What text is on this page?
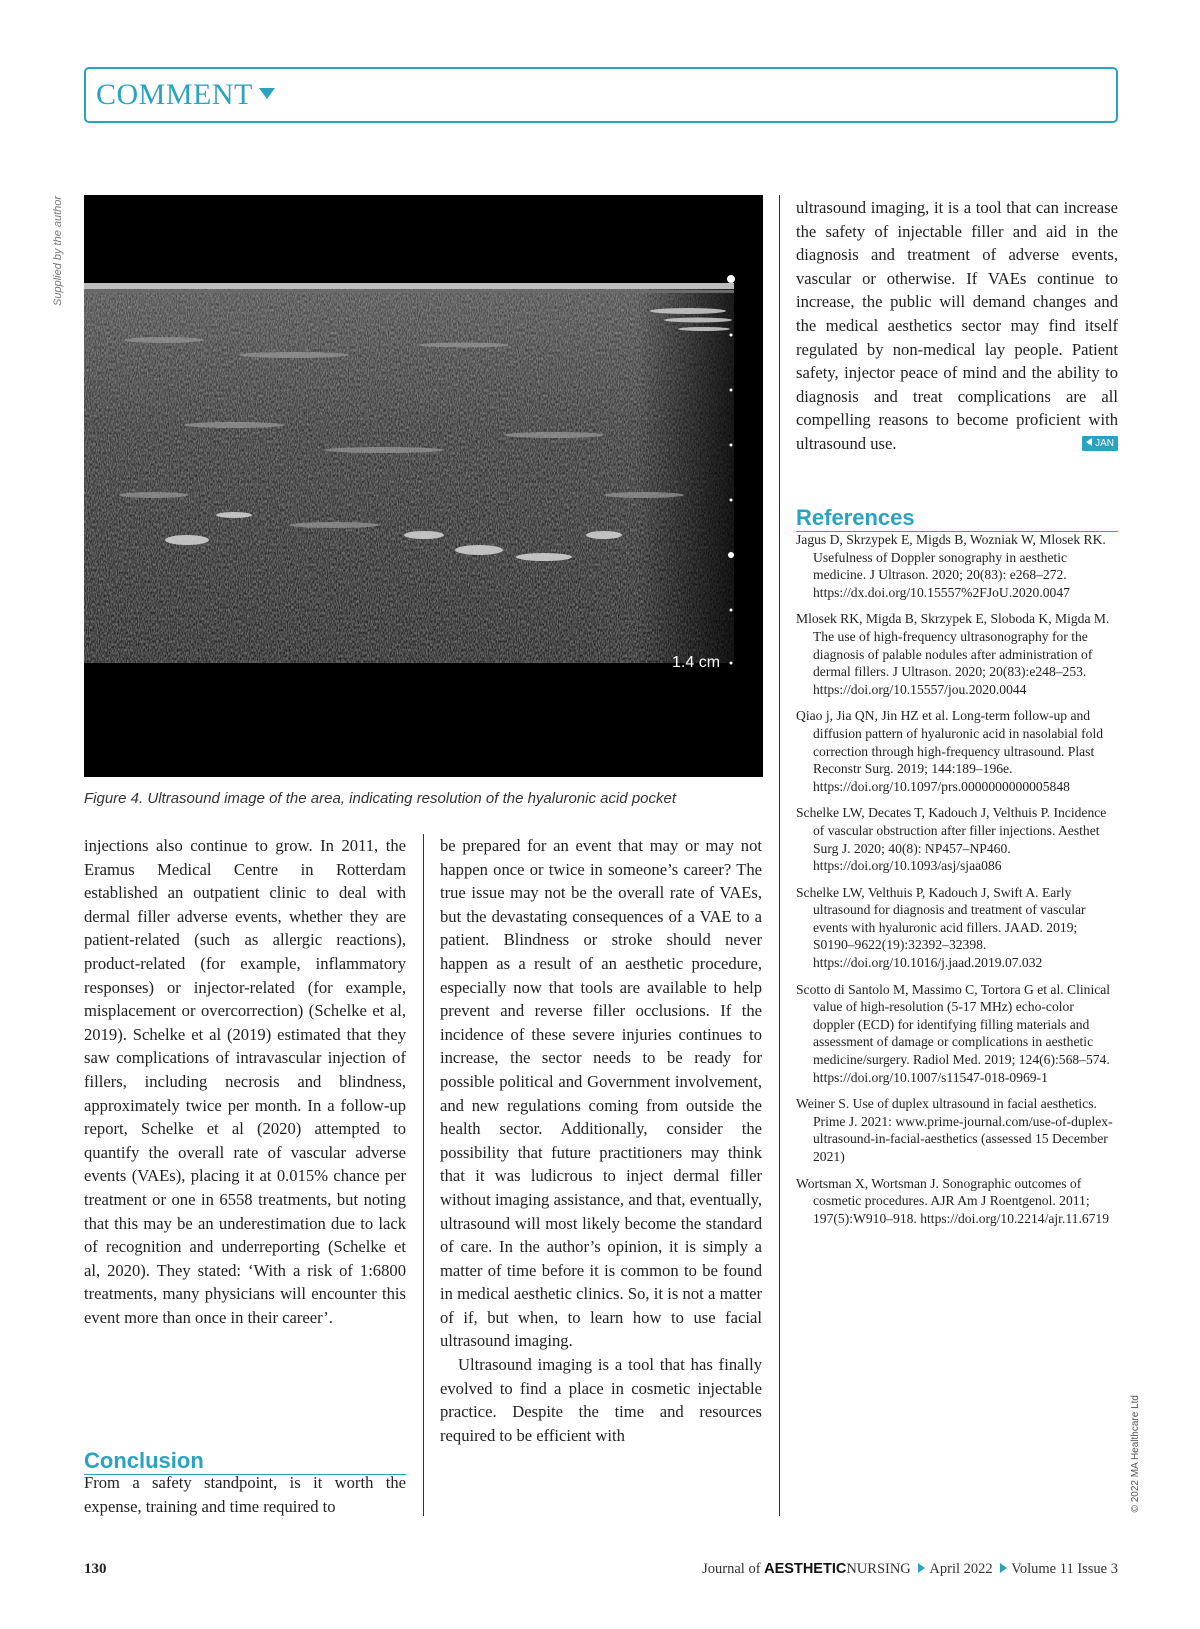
COMMENT
Supplied by the author
1.4 cm
Figure 4. Ultrasound image of the area, indicating resolution of the hyaluronic acid pocket

injections also continue to grow. In 2011, the Eramus Medical Centre in Rotterdam established an outpatient clinic to deal with dermal filler adverse events, whether they are patient-related (such as allergic reactions), product-related (for example, inflammatory responses) or injector-related (for example, misplacement or overcorrection) (Schelke et al, 2019). Schelke et al (2019) estimated that they saw complications of intravascular injection of fillers, including necrosis and blindness, approximately twice per month. In a follow-up report, Schelke et al (2020) attempted to quantify the overall rate of vascular adverse events (VAEs), placing it at 0.015% chance per treatment or one in 6558 treatments, but noting that this may be an underestimation due to lack of recognition and underreporting (Schelke et al, 2020). They stated: ‘With a risk of 1:6800 treatments, many physicians will encounter this event more than once in their career’.

Conclusion

From a safety standpoint, is it worth the expense, training and time required to

be prepared for an event that may or may not happen once or twice in someone’s career? The true issue may not be the overall rate of VAEs, but the devastating consequences of a VAE to a patient. Blindness or stroke should never happen as a result of an aesthetic procedure, especially now that tools are available to help prevent and reverse filler occlusions. If the incidence of these severe injuries continues to increase, the sector needs to be ready for possible political and Government involvement, and new regulations coming from outside the health sector. Additionally, consider the possibility that future practitioners may think that it was ludicrous to inject dermal filler without imaging assistance, and that, eventually, ultrasound will most likely become the standard of care. In the author’s opinion, it is simply a matter of time before it is common to be found in medical aesthetic clinics. So, it is not a matter of if, but when, to learn how to use facial ultrasound imaging.

Ultrasound imaging is a tool that has finally evolved to find a place in cosmetic injectable practice. Despite the time and resources required to be efficient with

ultrasound imaging, it is a tool that can increase the safety of injectable filler and aid in the diagnosis and treatment of adverse events, vascular or otherwise. If VAEs continue to increase, the public will demand changes and the medical aesthetics sector may find itself regulated by non-medical lay people. Patient safety, injector peace of mind and the ability to diagnosis and treat complications are all compelling reasons to become proficient with ultrasound use.	JAN

References

Jagus D, Skrzypek E, Migds B, Wozniak W, Mlosek RK. Usefulness of Doppler sonography in aesthetic medicine. J Ultrason. 2020; 20(83): e268–272. https://dx.doi.org/10.15557%2FJoU.2020.0047

Mlosek RK, Migda B, Skrzypek E, Sloboda K, Migda M. The use of high-frequency ultrasonography for the diagnosis of palable nodules after administration of dermal fillers. J Ultrason. 2020; 20(83):e248–253. https://doi.org/10.15557/jou.2020.0044

Qiao j, Jia QN, Jin HZ et al. Long-term follow-up and diffusion pattern of hyaluronic acid in nasolabial fold correction through high-frequency ultrasound. Plast Reconstr Surg. 2019; 144:189–196e. https://doi.org/10.1097/prs.0000000000005848

Schelke LW, Decates T, Kadouch J, Velthuis P. Incidence of vascular obstruction after filler injections. Aesthet Surg J. 2020; 40(8): NP457–NP460. https://doi.org/10.1093/asj/sjaa086

Schelke LW, Velthuis P, Kadouch J, Swift A. Early ultrasound for diagnosis and treatment of vascular events with hyaluronic acid fillers. JAAD. 2019; S0190–9622(19):32392–32398. https://doi.org/10.1016/j.jaad.2019.07.032

Scotto di Santolo M, Massimo C, Tortora G et al. Clinical value of high-resolution (5-17 MHz) echo-color doppler (ECD) for identifying filling materials and assessment of damage or complications in aesthetic medicine/surgery. Radiol Med. 2019; 124(6):568–574. https://doi.org/10.1007/s11547-018-0969-1

Weiner S. Use of duplex ultrasound in facial aesthetics. Prime J. 2021: www.prime-journal.com/use-of-duplex-ultrasound-in-facial-aesthetics (assessed 15 December 2021)

Wortsman X, Wortsman J. Sonographic outcomes of cosmetic procedures. AJR Am J Roentgenol. 2011; 197(5):W910–918. https://doi.org/10.2214/ajr.11.6719

© 2022 MA Healthcare Ltd
130	Journal of AESTHETICNURSING April 2022 Volume 11 Issue 3
